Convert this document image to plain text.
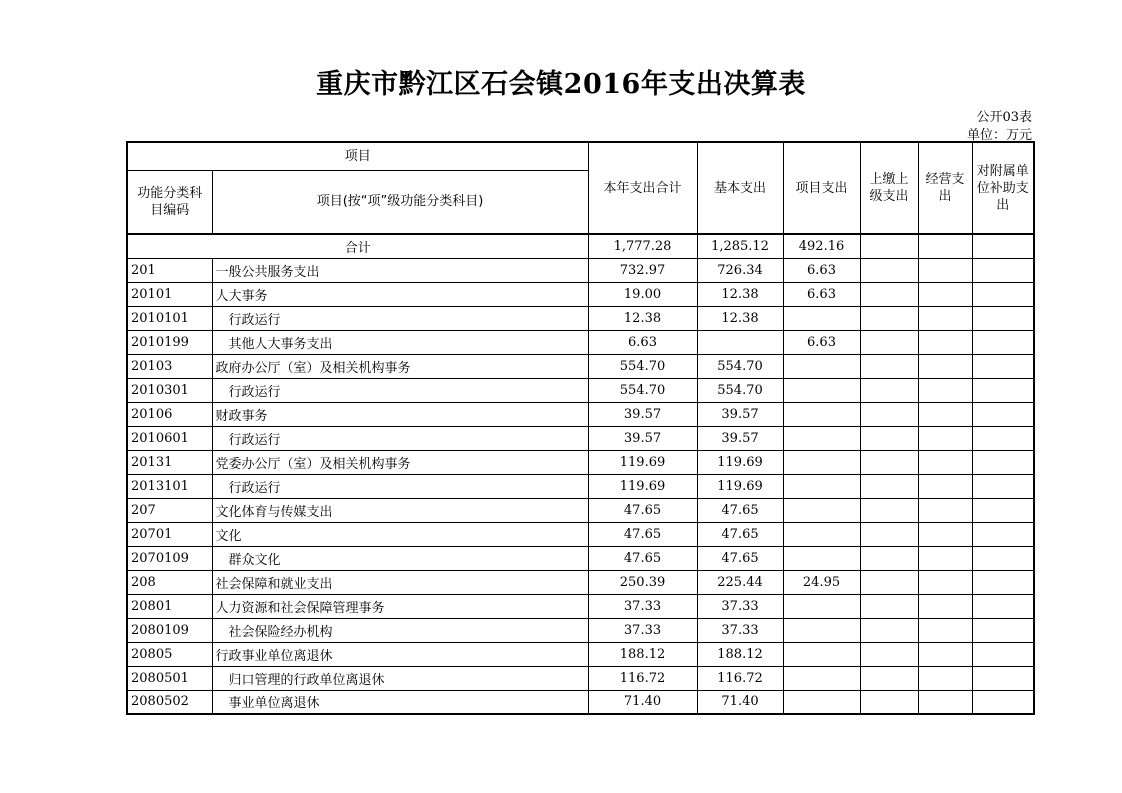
重庆市黔江区石会镇2016年支出决算表
公开03表
单位：万元
项目		本年支出合计	基本支出	项目支出	上缴上级支出	经营支出	对附属单位补助支出
功能分类科目编码	项目(按“项”级功能分类科目)						
合计		1,777.28	1,285.12	492.16			
201	一般公共服务支出	732.97	726.34	6.63			
20101	人大事务	19.00	12.38	6.63			
2010101	行政运行	12.38	12.38				
2010199	其他人大事务支出	6.63		6.63			
20103	政府办公厅（室）及相关机构事务	554.70	554.70				
2010301	行政运行	554.70	554.70				
20106	财政事务	39.57	39.57				
2010601	行政运行	39.57	39.57				
20131	党委办公厅（室）及相关机构事务	119.69	119.69				
2013101	行政运行	119.69	119.69				
207	文化体育与传媒支出	47.65	47.65				
20701	文化	47.65	47.65				
2070109	群众文化	47.65	47.65				
208	社会保障和就业支出	250.39	225.44	24.95			
20801	人力资源和社会保障管理事务	37.33	37.33				
2080109	社会保险经办机构	37.33	37.33				
20805	行政事业单位离退休	188.12	188.12				
2080501	归口管理的行政单位离退休	116.72	116.72				
2080502	事业单位离退休	71.40	71.40				
